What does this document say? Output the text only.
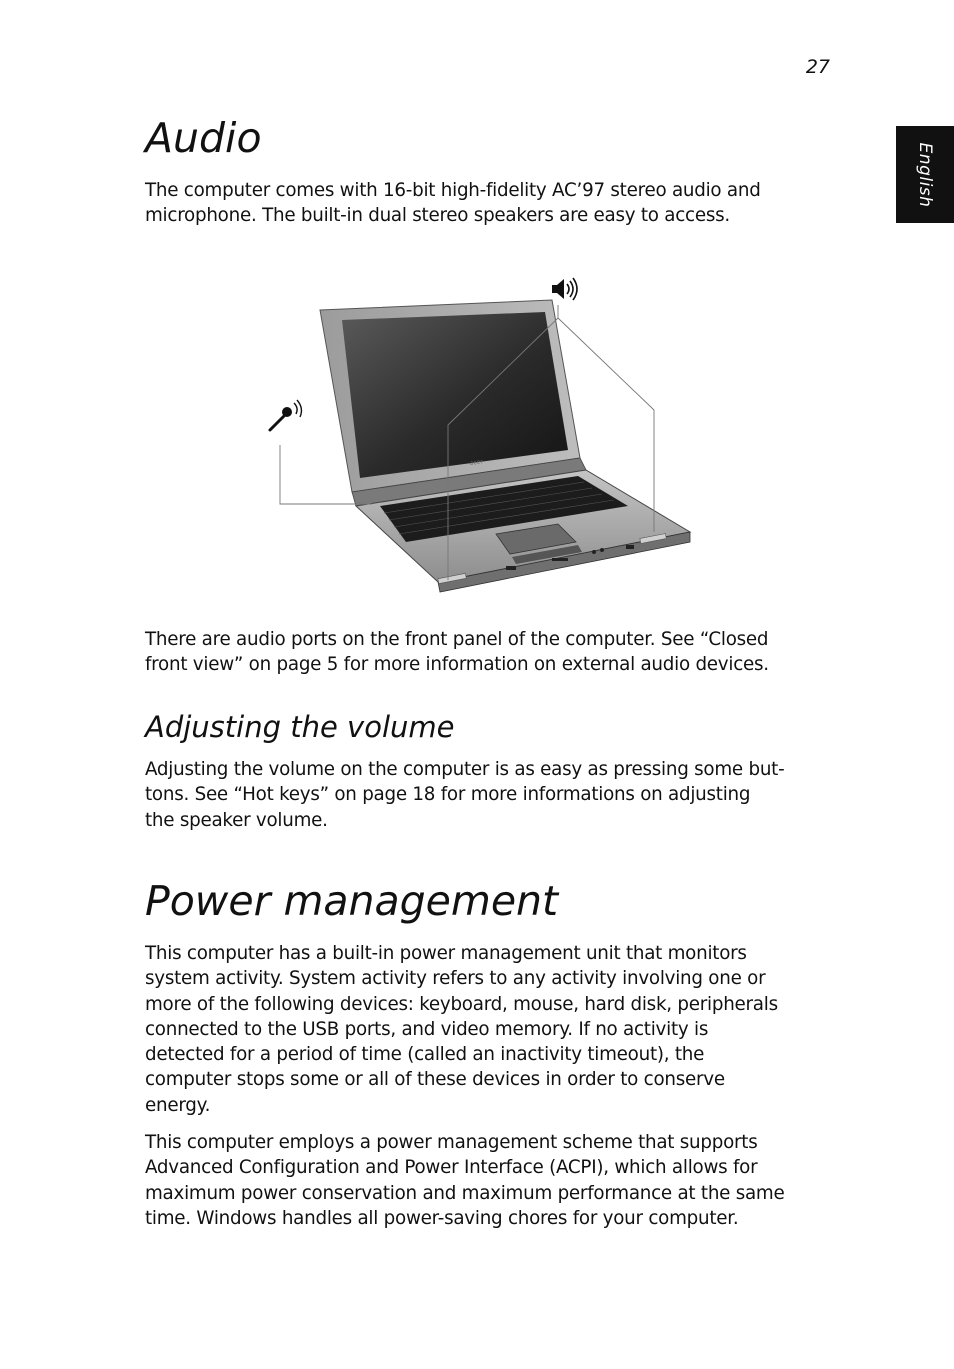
27
English
Audio

The computer comes with 16-bit high-fidelity AC’97 stereo audio and
microphone. The built-in dual stereo speakers are easy to access.

acer

There are audio ports on the front panel of the computer. See “Closed
front view” on page 5 for more information on external audio devices.

Adjusting the volume

Adjusting the volume on the computer is as easy as pressing some but-
tons. See “Hot keys” on page 18 for more informations on adjusting
the speaker volume.

Power management

This computer has a built-in power management unit that monitors
system activity. System activity refers to any activity involving one or
more of the following devices: keyboard, mouse, hard disk, peripherals
connected to the USB ports, and video memory. If no activity is
detected for a period of time (called an inactivity timeout), the
computer stops some or all of these devices in order to conserve
energy.

This computer employs a power management scheme that supports
Advanced Configuration and Power Interface (ACPI), which allows for
maximum power conservation and maximum performance at the same
time. Windows handles all power-saving chores for your computer.
